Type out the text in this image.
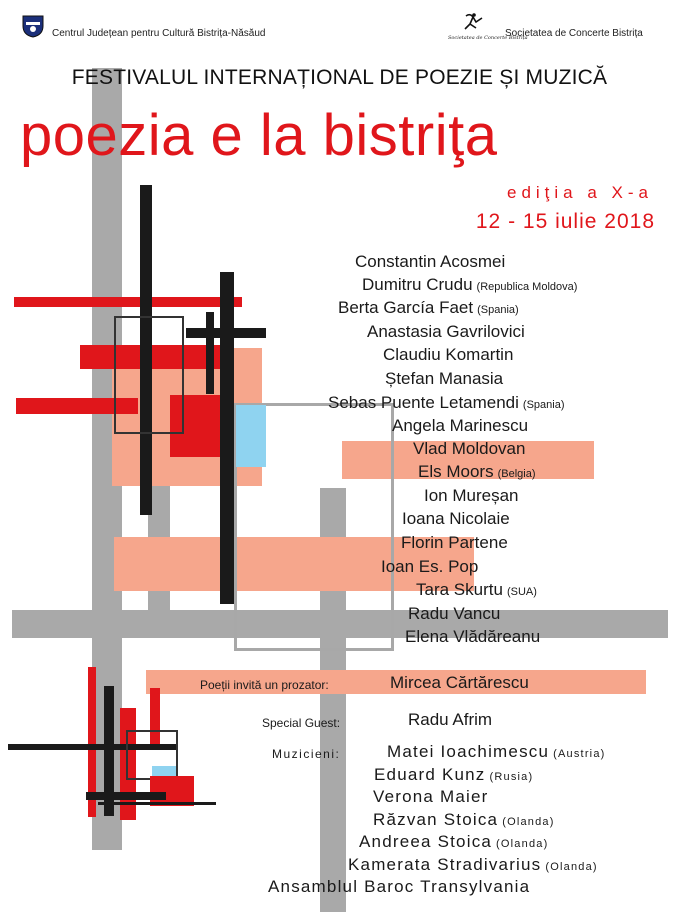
Centrul Județean pentru Cultură Bistrița-Năsăud	Societatea de Concerte Bistrița
Societatea de Concerte Bistrița
FESTIVALUL INTERNAȚIONAL DE POEZIE ȘI MUZICĂ
poezia e la bistriţa
ediţia a X-a
12 - 15 iulie 2018
Constantin Acosmei
Dumitru Crudu (Republica Moldova)
Berta García Faet (Spania)
Anastasia Gavrilovici
Claudiu Komartin
Ștefan Manasia
Sebas Puente Letamendi (Spania)
Angela Marinescu
Vlad Moldovan
Els Moors (Belgia)
Ion Mureșan
Ioana Nicolaie
Florin Partene
Ioan Es. Pop
Tara Skurtu (SUA)
Radu Vancu
Elena Vlădăreanu
Poeții invită un prozator:	Mircea Cărtărescu
Special Guest:	Radu Afrim
Muzicieni:	Matei Ioachimescu (Austria)
Eduard Kunz (Rusia)
Verona Maier
Răzvan Stoica (Olanda)
Andreea Stoica (Olanda)
Kamerata Stradivarius (Olanda)
Ansamblul Baroc Transylvania
